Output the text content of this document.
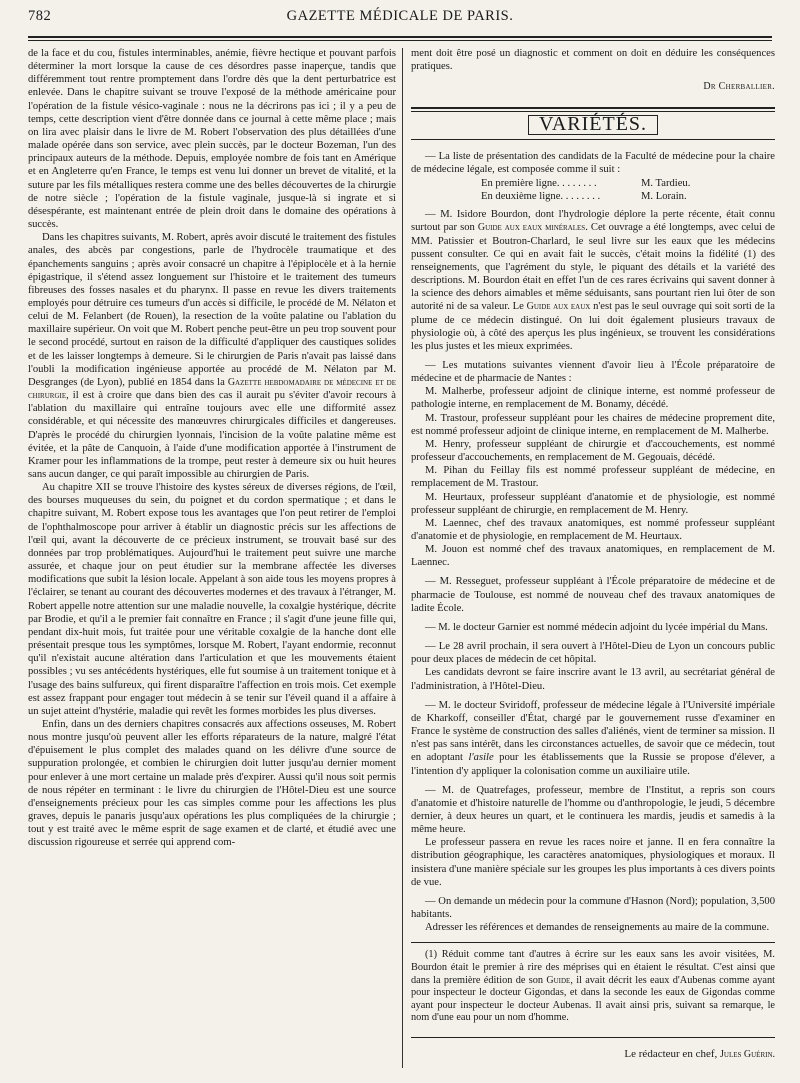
782	GAZETTE MÉDICALE DE PARIS.

de la face et du cou, fistules interminables, anémie, fièvre hectique et pouvant parfois déterminer la mort lorsque la cause de ces désordres passe inaperçue, tandis que différemment tout rentre promptement dans l'ordre dès que la dent perturbatrice est enlevée. Dans le chapitre suivant se trouve l'exposé de la méthode américaine pour l'opération de la fistule vésico-vaginale : nous ne la décrirons pas ici ; il y a peu de temps, cette description vient d'être donnée dans ce journal à cette même place ; mais on lira avec plaisir dans le livre de M. Robert l'observation des plus détaillées d'une malade opérée dans son service, avec plein succès, par le docteur Bozeman, l'un des principaux auteurs de la méthode. Depuis, employée nombre de fois tant en Amérique et en Angleterre qu'en France, le temps est venu lui donner un brevet de vitalité, et la suture par les fils métalliques restera comme une des belles découvertes de la chirurgie de notre siècle ; l'opération de la fistule vaginale, jusque-là si ingrate et si désespérante, est maintenant entrée de plein droit dans le domaine des opérations à succès.

Dans les chapitres suivants, M. Robert, après avoir discuté le traitement des fistules anales, des abcès par congestions, parle de l'hydrocèle traumatique et des épanchements sanguins ; après avoir consacré un chapitre à l'épiplocèle et à la hernie épigastrique, il s'étend assez longuement sur l'histoire et le traitement des tumeurs fibreuses des fosses nasales et du pharynx. Il passe en revue les divers traitements employés pour détruire ces tumeurs d'un accès si difficile, le procédé de M. Nélaton et celui de M. Felanbert (de Rouen), la resection de la voûte palatine ou l'ablation du maxillaire supérieur. On voit que M. Robert penche peut-être un peu trop souvent pour le second procédé, surtout en raison de la difficulté d'appliquer des caustiques solides et de les laisser longtemps à demeure. Si le chirurgien de Paris n'avait pas laissé dans l'oubli la modification ingénieuse apportée au procédé de M. Nélaton par M. Desgranges (de Lyon), publié en 1854 dans la Gazette hebdomadaire de médecine et de chirurgie, il est à croire que dans bien des cas il aurait pu s'éviter d'avoir recours à l'ablation du maxillaire qui entraîne toujours avec elle une difformité assez considérable, et qui nécessite des manœuvres chirurgicales difficiles et dangereuses. D'après le procédé du chirurgien lyonnais, l'incision de la voûte palatine même est évitée, et la pâte de Canquoin, à l'aide d'une modification apportée à l'instrument de Kramer pour les inflammations de la trompe, peut rester à demeure six ou huit heures sans aucun danger, ce qui paraît impossible au chirurgien de Paris.

Au chapitre XII se trouve l'histoire des kystes séreux de diverses régions, de l'œil, des bourses muqueuses du sein, du poignet et du cordon spermatique ; et dans le chapitre suivant, M. Robert expose tous les avantages que l'on peut retirer de l'emploi de l'ophthalmoscope pour arriver à établir un diagnostic précis sur les affections de l'œil qui, avant la découverte de ce précieux instrument, se trouvait basé sur des données par trop problématiques. Aujourd'hui le traitement peut suivre une marche assurée, et chaque jour on peut étudier sur la membrane affectée les diverses modifications que subit la lésion locale. Appelant à son aide tous les moyens propres à l'éclairer, se tenant au courant des découvertes modernes et des travaux à l'étranger, M. Robert appelle notre attention sur une maladie nouvelle, la coxalgie hystérique, décrite par Brodie, et qu'il a le premier fait connaître en France ; il s'agit d'une jeune fille qui, pendant dix-huit mois, fut traitée pour une véritable coxalgie de la hanche dont elle présentait presque tous les symptômes, lorsque M. Robert, l'ayant endormie, reconnut qu'il n'existait aucune altération dans l'articulation et que les mouvements étaient possibles ; vu ses antécédents hystériques, elle fut soumise à un traitement tonique et à l'usage des bains sulfureux, qui firent disparaître l'affection en trois mois. Cet exemple est assez frappant pour engager tout médecin à se tenir sur l'éveil quand il a affaire à un sujet atteint d'hystérie, maladie qui revêt les formes morbides les plus diverses.

Enfin, dans un des derniers chapitres consacrés aux affections osseuses, M. Robert nous montre jusqu'où peuvent aller les efforts réparateurs de la nature, malgré l'état d'épuisement le plus complet des malades quand on les délivre d'une source de suppuration prolongée, et combien le chirurgien doit lutter jusqu'au dernier moment pour enlever à une mort certaine un malade près d'expirer. Aussi qu'il nous soit permis de nous répéter en terminant : le livre du chirurgien de l'Hôtel-Dieu est une source d'enseignements précieux pour les cas simples comme pour les affections les plus graves, depuis le panaris jusqu'aux opérations les plus compliquées de la chirurgie ; tout y est traité avec le même esprit de sage examen et de clarté, et étudié avec une discussion rigoureuse et serrée qui apprend com-

ment doit être posé un diagnostic et comment on doit en déduire les conséquences pratiques.

Dr Cherballier.

VARIÉTÉS.

— La liste de présentation des candidats de la Faculté de médecine pour la chaire de médecine légale, est composée comme il suit :

En première ligne. . . . . . . .	M. Tardieu.
En deuxième ligne. . . . . . . .	M. Lorain.

— M. Isidore Bourdon, dont l'hydrologie déplore la perte récente, était connu surtout par son Guide aux eaux minérales. Cet ouvrage a été longtemps, avec celui de MM. Patissier et Boutron-Charlard, le seul livre sur les eaux que les médecins pussent consulter. Ce qui en avait fait le succès, c'était moins la fidélité (1) des renseignements, que l'agrément du style, le piquant des détails et la variété des descriptions. M. Bourdon était en effet l'un de ces rares écrivains qui savent donner à la science des dehors aimables et même séduisants, sans pourtant rien lui ôter de son autorité ni de sa valeur. Le Guide aux eaux n'est pas le seul ouvrage qui soit sorti de la plume de ce médecin distingué. On lui doit également plusieurs travaux de physiologie où, à côté des aperçus les plus ingénieux, se trouvent les considérations les plus justes et les mieux exprimées.

— Les mutations suivantes viennent d'avoir lieu à l'École préparatoire de médecine et de pharmacie de Nantes :

M. Malherbe, professeur adjoint de clinique interne, est nommé professeur de pathologie interne, en remplacement de M. Bonamy, décédé.

M. Trastour, professeur suppléant pour les chaires de médecine proprement dite, est nommé professeur adjoint de clinique interne, en remplacement de M. Malherbe.

M. Henry, professeur suppléant de chirurgie et d'accouchements, est nommé professeur d'accouchements, en remplacement de M. Gegouais, décédé.

M. Pihan du Feillay fils est nommé professeur suppléant de médecine, en remplacement de M. Trastour.

M. Heurtaux, professeur suppléant d'anatomie et de physiologie, est nommé professeur suppléant de chirurgie, en remplacement de M. Henry.

M. Laennec, chef des travaux anatomiques, est nommé professeur suppléant d'anatomie et de physiologie, en remplacement de M. Heurtaux.

M. Jouon est nommé chef des travaux anatomiques, en remplacement de M. Laennec.

— M. Resseguet, professeur suppléant à l'École préparatoire de médecine et de pharmacie de Toulouse, est nommé de nouveau chef des travaux anatomiques de ladite École.

— M. le docteur Garnier est nommé médecin adjoint du lycée impérial du Mans.

— Le 28 avril prochain, il sera ouvert à l'Hôtel-Dieu de Lyon un concours public pour deux places de médecin de cet hôpital.

Les candidats devront se faire inscrire avant le 13 avril, au secrétariat général de l'administration, à l'Hôtel-Dieu.

— M. le docteur Sviridoff, professeur de médecine légale à l'Université impériale de Kharkoff, conseiller d'État, chargé par le gouvernement russe d'examiner en France le système de construction des salles d'aliénés, vient de terminer sa mission. Il n'est pas sans intérêt, dans les circonstances actuelles, de savoir que ce médecin, tout en adoptant l'asile pour les établissements que la Russie se propose d'élever, a l'intention d'y appliquer la colonisation comme un auxiliaire utile.

— M. de Quatrefages, professeur, membre de l'Institut, a repris son cours d'anatomie et d'histoire naturelle de l'homme ou d'anthropologie, le jeudi, 5 décembre dernier, à deux heures un quart, et le continuera les mardis, jeudis et samedis à la même heure.

Le professeur passera en revue les races noire et janne. Il en fera connaître la distribution géographique, les caractères anatomiques, physiologiques et moraux. Il insistera d'une manière spéciale sur les groupes les plus importants à ces divers points de vue.

— On demande un médecin pour la commune d'Hasnon (Nord); population, 3,500 habitants.

Adresser les références et demandes de renseignements au maire de la commune.

(1) Réduit comme tant d'autres à écrire sur les eaux sans les avoir visitées, M. Bourdon était le premier à rire des méprises qui en étaient le résultat. C'est ainsi que dans la première édition de son Guide, il avait décrit les eaux d'Aubenas comme ayant pour inspecteur le docteur Gigondas, et dans la seconde les eaux de Gigondas comme ayant pour inspecteur le docteur Aubenas. Il avait ainsi pris, suivant sa remarque, le nom d'une eau pour un nom d'homme.

Le rédacteur en chef, Jules Guérin.
